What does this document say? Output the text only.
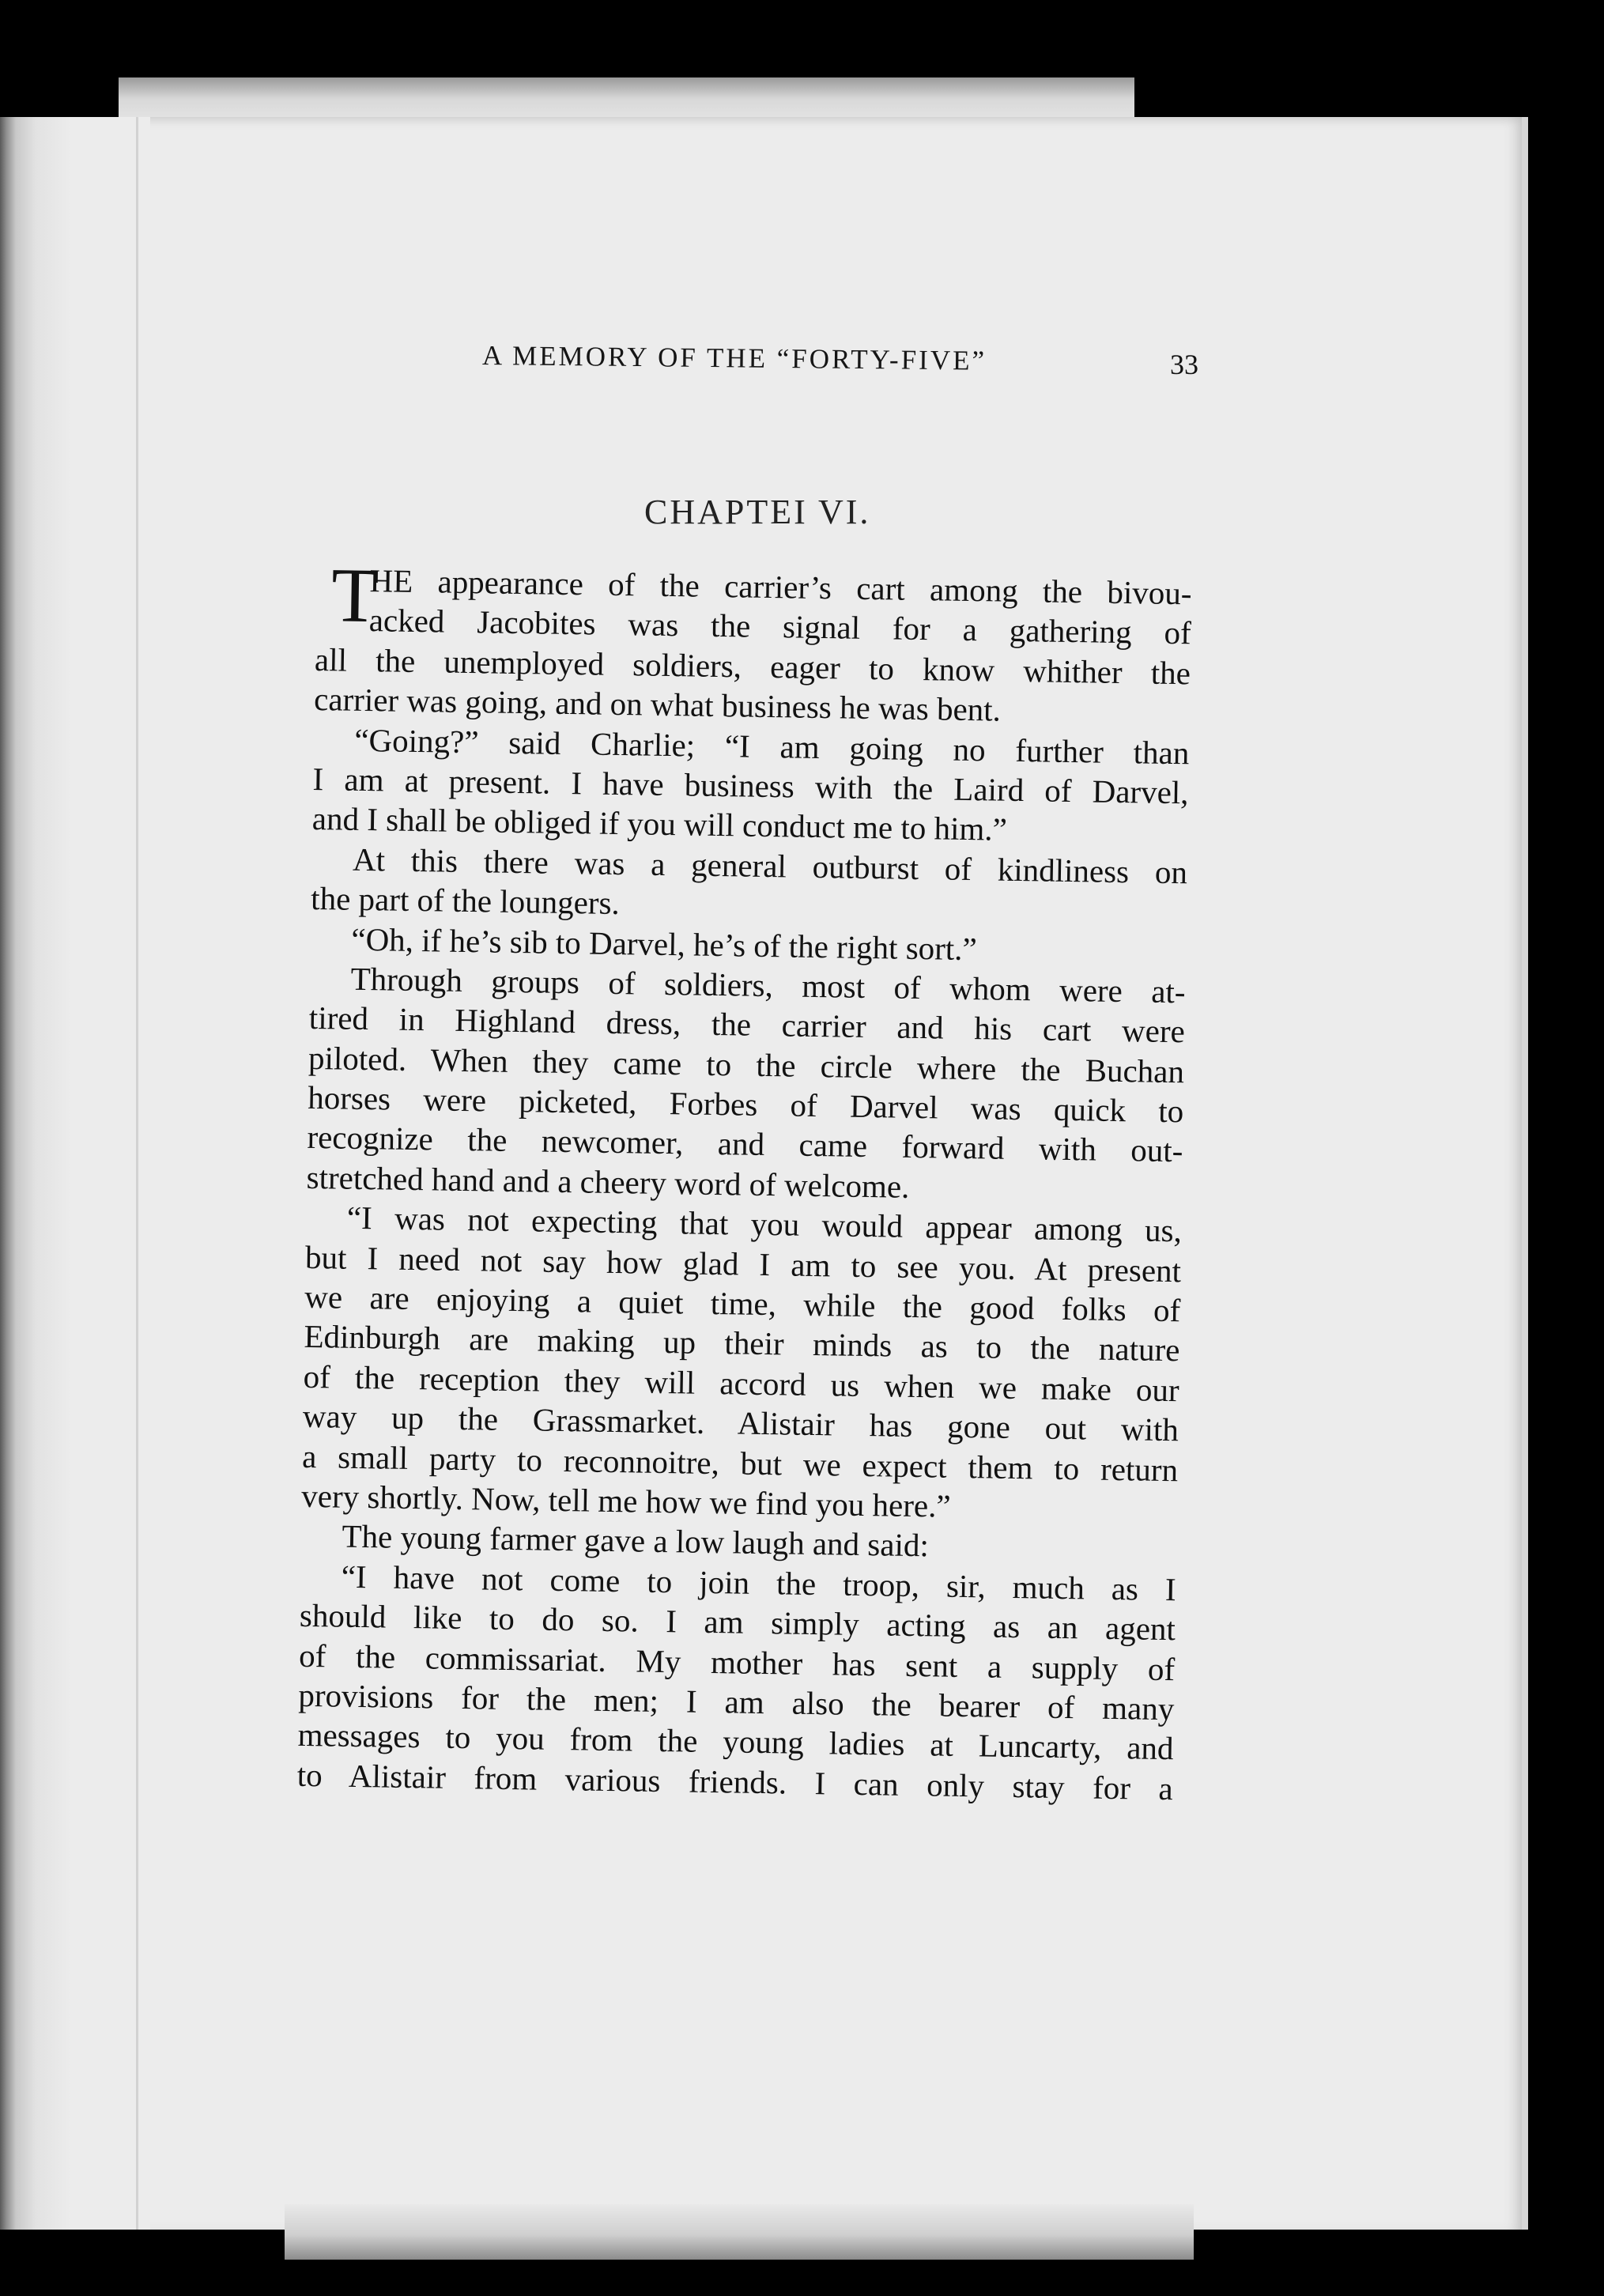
A MEMORY OF THE “FORTY-FIVE”	33
CHAPTEI VI.
T
HE appearance of the carrier’s cart among the bivou-
acked Jacobites was the signal for a gathering of
all the unemployed soldiers, eager to know whither the
carrier was going, and on what business he was bent.
“Going?” said Charlie; “I am going no further than
I am at present. I have business with the Laird of Darvel,
and I shall be obliged if you will conduct me to him.”
At this there was a general outburst of kindliness on
the part of the loungers.
“Oh, if he’s sib to Darvel, he’s of the right sort.”
Through groups of soldiers, most of whom were at-
tired in Highland dress, the carrier and his cart were
piloted. When they came to the circle where the Buchan
horses were picketed, Forbes of Darvel was quick to
recognize the newcomer, and came forward with out-
stretched hand and a cheery word of welcome.
“I was not expecting that you would appear among us,
but I need not say how glad I am to see you. At present
we are enjoying a quiet time, while the good folks of
Edinburgh are making up their minds as to the nature
of the reception they will accord us when we make our
way up the Grassmarket. Alistair has gone out with
a small party to reconnoitre, but we expect them to return
very shortly. Now, tell me how we find you here.”
The young farmer gave a low laugh and said:
“I have not come to join the troop, sir, much as I
should like to do so. I am simply acting as an agent
of the commissariat. My mother has sent a supply of
provisions for the men; I am also the bearer of many
messages to you from the young ladies at Luncarty, and
to Alistair from various friends. I can only stay for a
